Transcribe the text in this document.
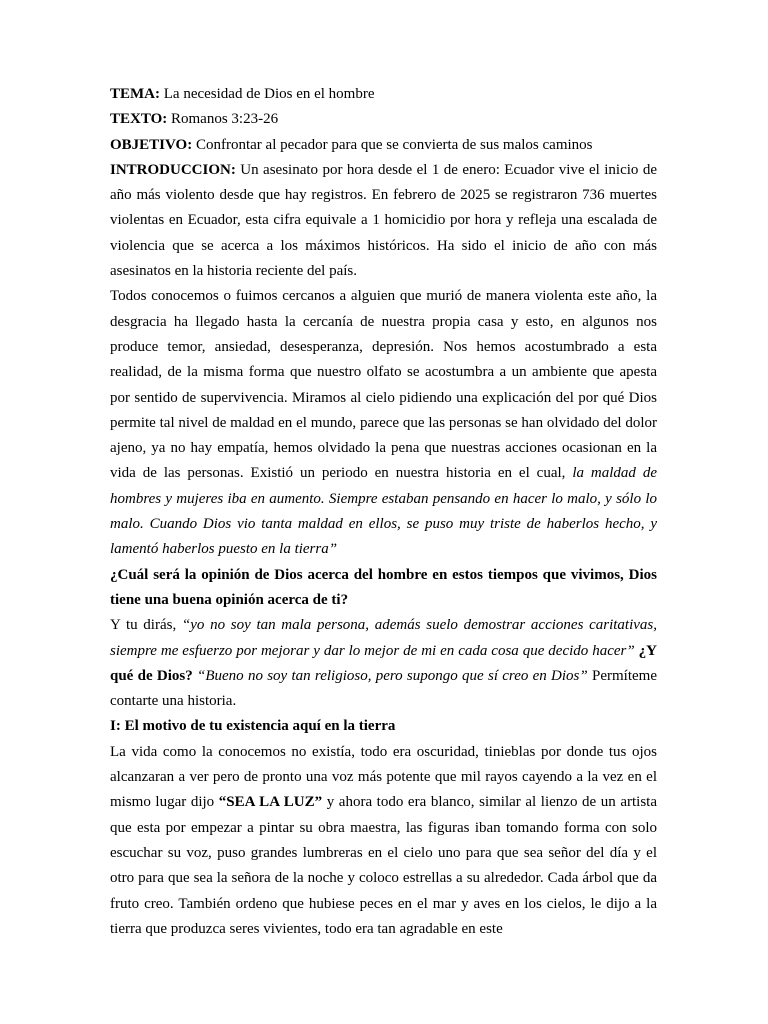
TEMA: La necesidad de Dios en el hombre

TEXTO: Romanos 3:23-26

OBJETIVO: Confrontar al pecador para que se convierta de sus malos caminos

INTRODUCCION: Un asesinato por hora desde el 1 de enero: Ecuador vive el inicio de año más violento desde que hay registros. En febrero de 2025 se registraron 736 muertes violentas en Ecuador, esta cifra equivale a 1 homicidio por hora y refleja una escalada de violencia que se acerca a los máximos históricos. Ha sido el inicio de año con más asesinatos en la historia reciente del país.

Todos conocemos o fuimos cercanos a alguien que murió de manera violenta este año, la desgracia ha llegado hasta la cercanía de nuestra propia casa y esto, en algunos nos produce temor, ansiedad, desesperanza, depresión. Nos hemos acostumbrado a esta realidad, de la misma forma que nuestro olfato se acostumbra a un ambiente que apesta por sentido de supervivencia. Miramos al cielo pidiendo una explicación del por qué Dios permite tal nivel de maldad en el mundo, parece que las personas se han olvidado del dolor ajeno, ya no hay empatía, hemos olvidado la pena que nuestras acciones ocasionan en la vida de las personas. Existió un periodo en nuestra historia en el cual, la maldad de hombres y mujeres iba en aumento. Siempre estaban pensando en hacer lo malo, y sólo lo malo. Cuando Dios vio tanta maldad en ellos, se puso muy triste de haberlos hecho, y lamentó haberlos puesto en la tierra”

¿Cuál será la opinión de Dios acerca del hombre en estos tiempos que vivimos, Dios tiene una buena opinión acerca de ti?

Y tu dirás, “yo no soy tan mala persona, además suelo demostrar acciones caritativas, siempre me esfuerzo por mejorar y dar lo mejor de mi en cada cosa que decido hacer” ¿Y qué de Dios? “Bueno no soy tan religioso, pero supongo que sí creo en Dios” Permíteme contarte una historia.

I: El motivo de tu existencia aquí en la tierra

La vida como la conocemos no existía, todo era oscuridad, tinieblas por donde tus ojos alcanzaran a ver pero de pronto una voz más potente que mil rayos cayendo a la vez en el mismo lugar dijo “SEA LA LUZ” y ahora todo era blanco, similar al lienzo de un artista que esta por empezar a pintar su obra maestra, las figuras iban tomando forma con solo escuchar su voz, puso grandes lumbreras en el cielo uno para que sea señor del día y el otro para que sea la señora de la noche y coloco estrellas a su alrededor. Cada árbol que da fruto creo. También ordeno que hubiese peces en el mar y aves en los cielos, le dijo a la tierra que produzca seres vivientes, todo era tan agradable en este
